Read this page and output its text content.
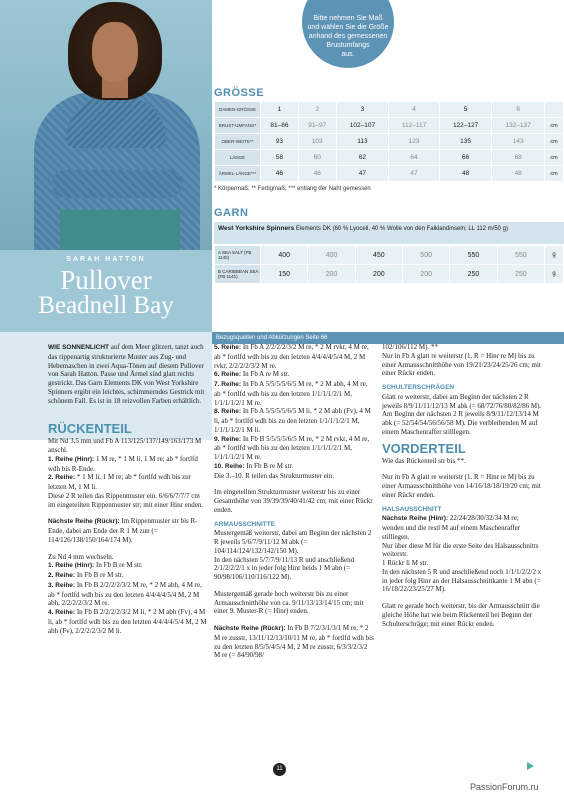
SARAH HATTON
Pullover
Beadnell Bay
Bitte nehmen Sie Maß
und wählen Sie die Größe
anhand des gemessenen
Brustumfangs
aus.
GRÖSSE
DAMEN-GRÖSSE	1	2	3	4	5	6	
BRUST-UMFANG*	81–86	91–97	102–107	112–117	122–127	132–137	cm
OBER-WEITE**	93	103	113	123	135	143	cm
LÄNGE	58	60	62	64	66	68	cm
ÄRMEL-LÄNGE***	46	46	47	47	48	48	cm
* Körpermaß; ** Fertigmaß; *** entlang der Naht gemessen
GARN
West Yorkshire Spinners Elements DK (60 % Lyocell, 40 % Wolle von den Falklandinseln; LL 112 m/50 g)
A SEA SALT (FB 1140)	400	400	450	500	550	550	g
B CARIBBEAN SEA (FB 1141)	150	200	200	200	250	250	g
Bezugsquellen und Abkürzungen Seite 66

WIE SONNENLICHT auf dem Meer glitzert, tanzt auch das rippenartig strukturierte Muster aus Zug- und Hebemaschen in zwei Aqua-Tönen auf diesem Pullover von Sarah Hatton. Passe und Ärmel sind glatt rechts gestrickt. Das Garn Elements DK von West Yorkshire Spinners ergibt ein leichtes, schimmerndes Gestrick mit schönem Fall. Es ist in 18 reizvollen Farben erhältlich.

RÜCKENTEIL

Mit Nd 3,5 mm und Fb A 113/125/137/149/163/173 M anschl.

1. Reihe (Hinr): 1 M re, * 1 M li, 1 M re; ab * fortlfd wdh bis R-Ende.

2. Reihe: * 1 M li, 1 M re; ab * fortlfd wdh bis zur letzten M, 1 M li.

Diese 2 R teilen das Rippenmuster ein. 6/6/6/7/7/7 cm im eingeteilten Rippenmuster str; mit einer Hinr enden.

Nächste Reihe (Rückr): Im Rippenmuster str bis R-Ende, dabei am Ende der R 1 M zun (= 114/126/138/150/164/174 M).

Zu Nd 4 mm wechseln.

1. Reihe (Hinr): In Fb B re M str.

2. Reihe: In Fb B re M str.

3. Reihe: In Fb B 2/2/2/2/3/2 M re, * 2 M abh, 4 M re, ab * fortlfd wdh bis zu den letzten 4/4/4/4/5/4 M, 2 M abh, 2/2/2/2/3/2 M re.

4. Reihe: In Fb B 2/2/2/2/3/2 M li, * 2 M abh (Fv), 4 M li, ab * fortlfd wdh bis zu den letzten 4/4/4/4/5/4 M, 2 M abh (Fv), 2/2/2/2/3/2 M li.

5. Reihe: In Fb A 2/2/2/2/3/2 M re, * 2 M rvkr, 4 M re, ab * fortlfd wdh bis zu den letzten 4/4/4/4/5/4 M, 2 M rvkr, 2/2/2/2/3/2 M re.

6. Reihe: In Fb A re M str.

7. Reihe: In Fb A 5/5/5/5/6/5 M re, * 2 M abh, 4 M re, ab * fortlfd wdh bis zu den letzten 1/1/1/1/2/1 M, 1/1/1/1/2/1 M re.

8. Reihe: In Fb A 5/5/5/5/6/5 M li, * 2 M abh (Fv), 4 M li, ab * fortlfd wdh bis zu den letzten 1/1/1/1/2/1 M, 1/1/1/1/2/1 M li.

9. Reihe: In Fb B 5/5/5/5/6/5 M re, * 2 M rvkr, 4 M re, ab * fortlfd wdh bis zu den letzten 1/1/1/1/2/1 M, 1/1/1/1/2/1 M re.

10. Reihe: In Fb B re M str.

Die 3.–10. R teilen das Strukturmuster ein.

Im eingeteilten Strukturmuster weiterstr bis zu einer Gesamthöhe von 39/39/39/40/41/42 cm; mit einer Rückr enden.

ARMAUSSCHNITTE

Mustergemäß weiterstr, dabei am Beginn der nächsten 2 R jeweils 5/6/7/9/11/12 M abk (= 104/114/124/132/142/150 M).

In den nächsten 5/7/7/9/11/13 R und anschließend 2/1/2/2/2/1 x in jeder folg Hinr beids 1 M abn (= 90/98/106/110/116/122 M).

Mustergemäß gerade hoch weiterstr bis zu einer Armausschnitthöhe von ca. 9/11/13/13/14/15 cm; mit einer 9. Muster-R (= Hinr) enden.

Nächste Reihe (Rückr): In Fb B 7/2/3/1/3/1 M re, * 2 M re zusstr, 13/11/12/13/10/11 M re, ab * fortlfd wdh bis zu den letzten 8/5/5/4/5/4 M, 2 M re zusstr, 6/3/3/2/3/2 M re (= 84/90/98/

102/106/112 M). **

Nur in Fb A glatt re weiterstr (1. R = Hinr re M) bis zu einer Armausschnitthöhe von 19/21/23/24/25/26 cm; mit einer Rückr enden.

SCHULTERSCHRÄGEN

Glatt re weiterstr, dabei am Beginn der nächsten 2 R jeweils 8/9/11/11/12/13 M abk (= 68/72/76/80/82/86 M).

Am Beginn der nächsten 2 R jeweils 8/9/11/12/13/14 M abk (= 52/54/54/56/56/58 M). Die verbleibenden M auf einem Maschenraffer stilllegen.

VORDERTEIL

Wie das Rückenteil str bis **.

Nur in Fb A glatt re weiterstr (1. R = Hinr re M) bis zu einer Armausschnitthöhe von 14/16/18/18/19/20 cm; mit einer Rückr enden.

HALSAUSSCHNITT

Nächste Reihe (Hinr): 22/24/28/30/32/34 M re; wenden und die restl M auf einem Maschenraffer stilllegen.

Nur über diese M für die erste Seite des Halsausschnitts weiterstr.

1 Rückr li M str.

In den nächsten 5 R und anschließend noch 1/1/1/2/2/2 x in jeder folg Hinr an der Halsausschnittkante 1 M abn (= 16/18/22/23/25/27 M).

Glatt re gerade hoch weiterstr, bis der Armausschnitt die gleiche Höhe hat wie beim Rückenteil bei Beginn der Schulterschräge; mit einer Rückr enden.

11
PassionForum.ru
